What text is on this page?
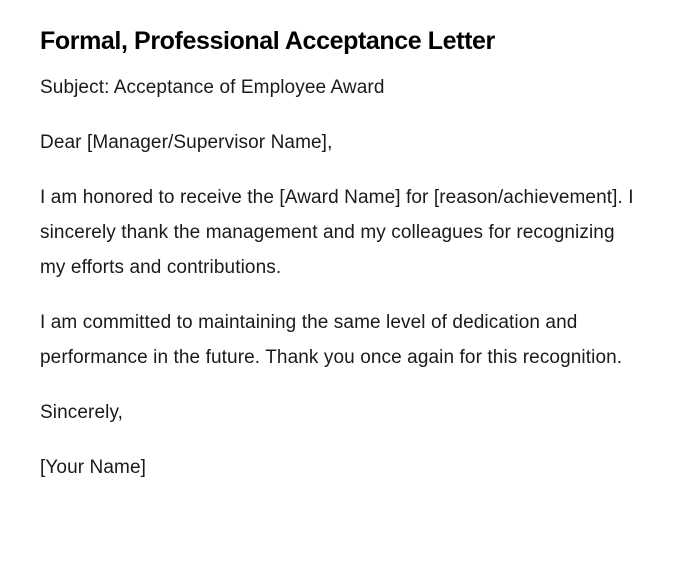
Formal, Professional Acceptance Letter

Subject: Acceptance of Employee Award

Dear [Manager/Supervisor Name],

I am honored to receive the [Award Name] for [reason/achievement]. I sincerely thank the management and my colleagues for recognizing my efforts and contributions.

I am committed to maintaining the same level of dedication and performance in the future. Thank you once again for this recognition.

Sincerely,

[Your Name]
